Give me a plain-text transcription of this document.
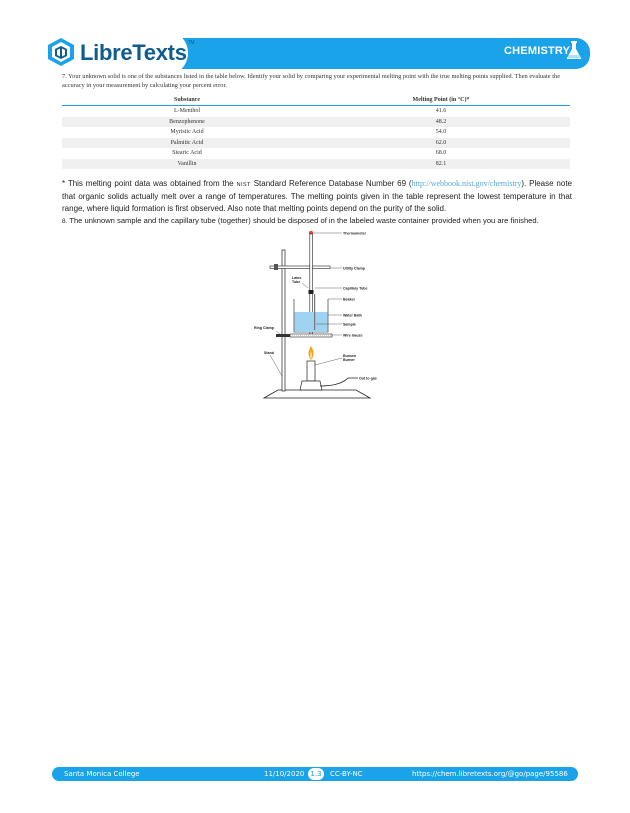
LibreTexts™
CHEMISTRY
7. Your unknown solid is one of the substances listed in the table below. Identify your solid by comparing your experimental melting point with the true melting points supplied. Then evaluate the accuracy in your measurement by calculating your percent error.
Substance	Melting Point (in °C)*
L-Menthol	41.6
Benzophenone	48.2
Myristic Acid	54.0
Palmitic Acid	62.0
Stearic Acid	68.0
Vanillin	82.1
* This melting point data was obtained from the NIST Standard Reference Database Number 69 (http://webbook.nist.gov/chemistry). Please note that organic solids actually melt over a range of temperatures. The melting points given in the table represent the lowest temperature in that range, where liquid formation is first observed. Also note that melting points depend on the purity of the solid.
8. The unknown sample and the capillary tube (together) should be disposed of in the labeled waste container provided when you are finished.
Thermometer
Utility Clamp
Latex
Tube
Capillary Tube
Beaker
Water Bath
Sample
Ring Clamp
Wire Gauze
Stand
Bunsen
Burner
Out to gas
Santa Monica College	11/10/2020 1.3	CC-BY-NC	https://chem.libretexts.org/@go/page/95586
